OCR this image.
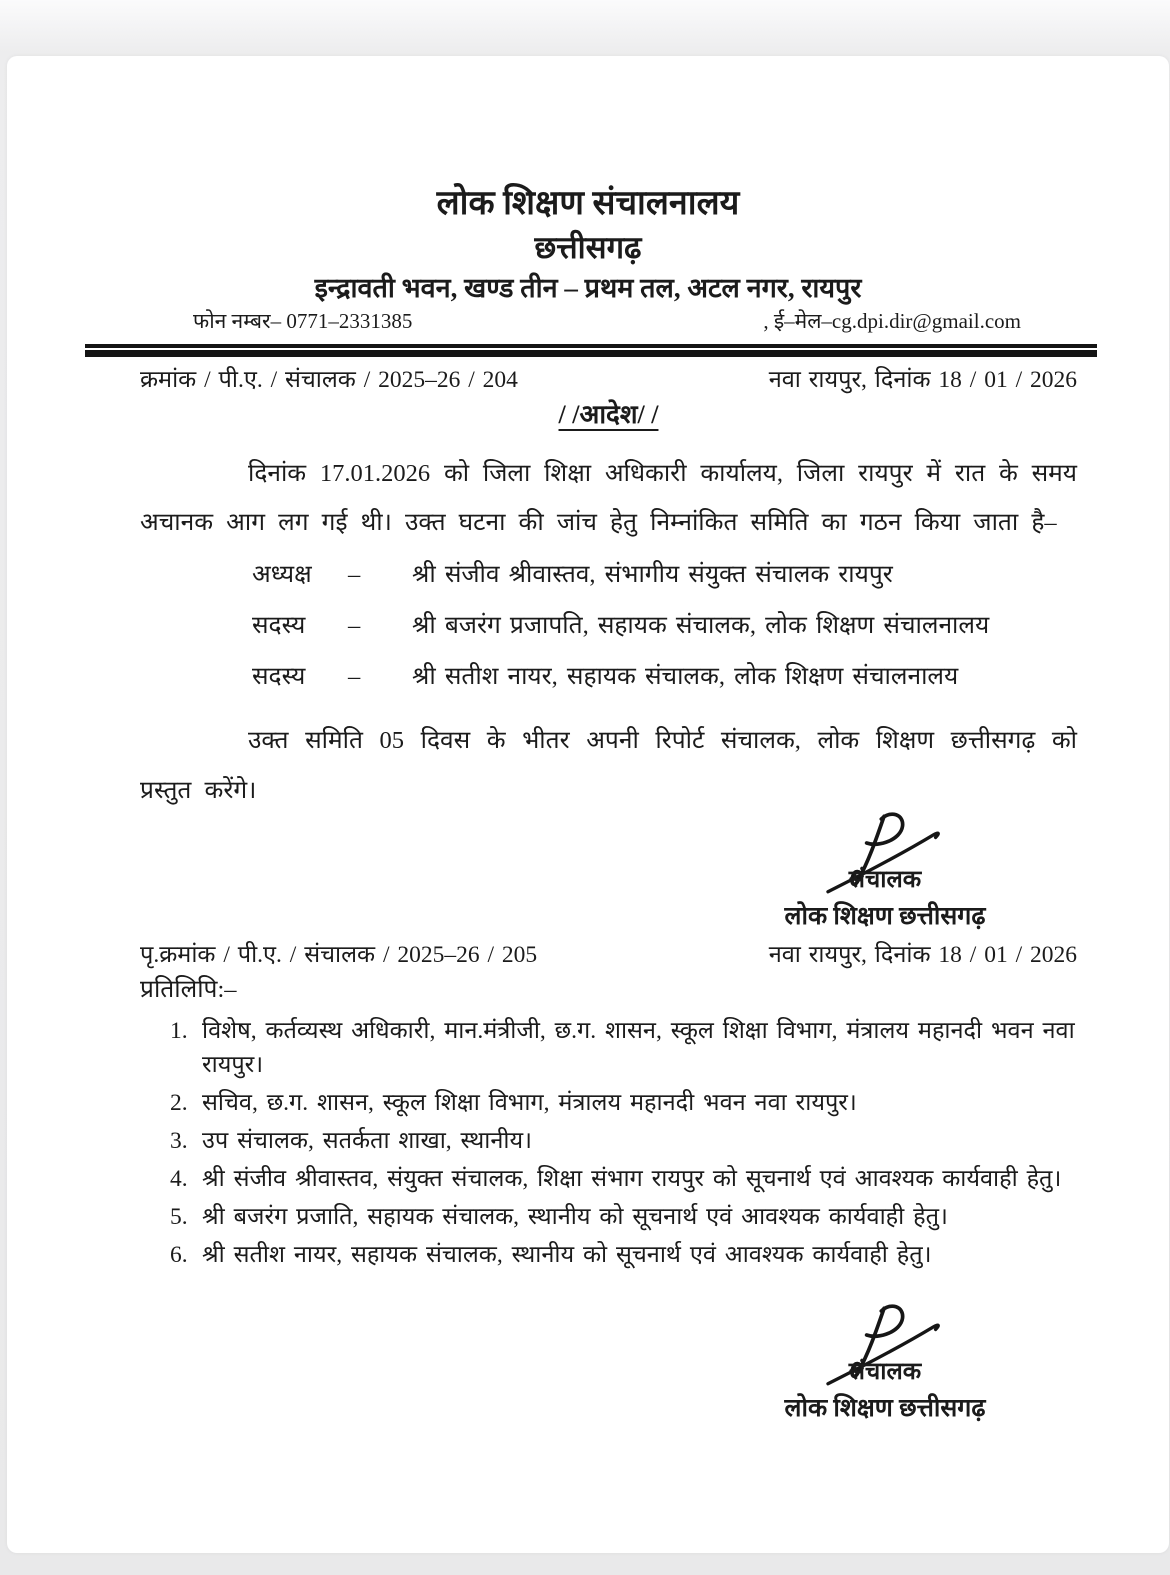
लोक शिक्षण संचालनालय
छत्तीसगढ़
इन्द्रावती भवन, खण्ड तीन – प्रथम तल, अटल नगर, रायपुर
फोन नम्बर– 0771–2331385	, ई–मेल–cg.dpi.dir@gmail.com
क्रमांक / पी.ए. / संचालक / 2025–26 / 204	नवा रायपुर, दिनांक 18 / 01 / 2026
/ /आदेश/ /

दिनांक 17.01.2026 को जिला शिक्षा अधिकारी कार्यालय, जिला रायपुर में रात के समय अचानक आग लग गई थी। उक्त घटना की जांच हेतु निम्नांकित समिति का गठन किया जाता है–

अध्यक्ष	–	श्री संजीव श्रीवास्तव, संभागीय संयुक्त संचालक रायपुर
सदस्य	–	श्री बजरंग प्रजापति, सहायक संचालक, लोक शिक्षण संचालनालय
सदस्य	–	श्री सतीश नायर, सहायक संचालक, लोक शिक्षण संचालनालय

उक्त समिति 05 दिवस के भीतर अपनी रिपोर्ट संचालक, लोक शिक्षण छत्तीसगढ़ को प्रस्तुत करेंगे।

संचालक
लोक शिक्षण छत्तीसगढ़
पृ.क्रमांक / पी.ए. / संचालक / 2025–26 / 205	नवा रायपुर, दिनांक 18 / 01 / 2026
प्रतिलिपि:–
1. विशेष, कर्तव्यस्थ अधिकारी, मान.मंत्रीजी, छ.ग. शासन, स्कूल शिक्षा विभाग, मंत्रालय महानदी भवन नवा रायपुर।
2. सचिव, छ.ग. शासन, स्कूल शिक्षा विभाग, मंत्रालय महानदी भवन नवा रायपुर।
3. उप संचालक, सतर्कता शाखा, स्थानीय।
4. श्री संजीव श्रीवास्तव, संयुक्त संचालक, शिक्षा संभाग रायपुर को सूचनार्थ एवं आवश्यक कार्यवाही हेतु।
5. श्री बजरंग प्रजाति, सहायक संचालक, स्थानीय को सूचनार्थ एवं आवश्यक कार्यवाही हेतु।
6. श्री सतीश नायर, सहायक संचालक, स्थानीय को सूचनार्थ एवं आवश्यक कार्यवाही हेतु।
संचालक
लोक शिक्षण छत्तीसगढ़
